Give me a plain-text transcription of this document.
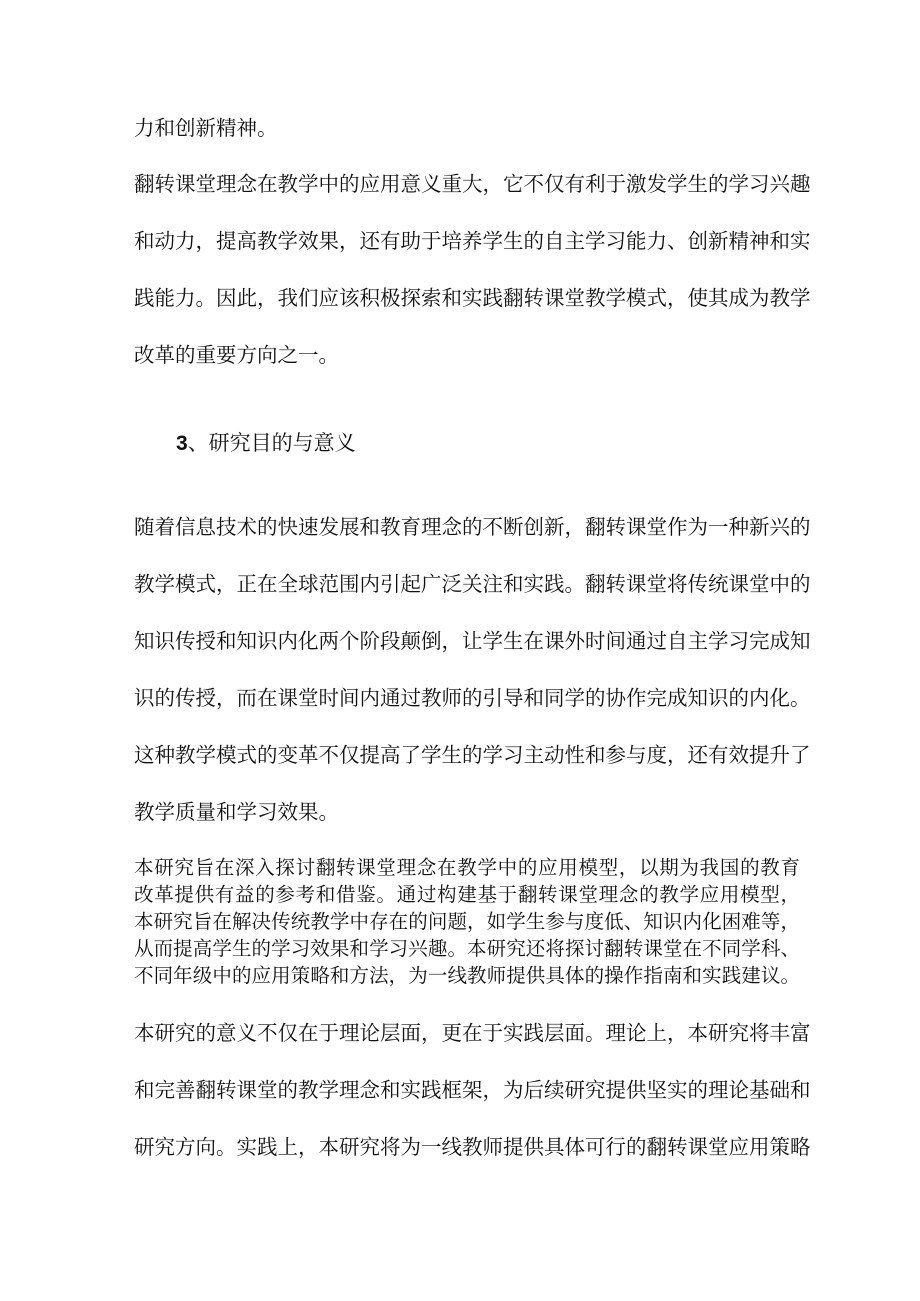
力和创新精神。
翻转课堂理念在教学中的应用意义重大，它不仅有利于激发学生的学习兴趣
和动力，提高教学效果，还有助于培养学生的自主学习能力、创新精神和实
践能力。因此，我们应该积极探索和实践翻转课堂教学模式，使其成为教学
改革的重要方向之一。
3、研究目的与意义
随着信息技术的快速发展和教育理念的不断创新，翻转课堂作为一种新兴的
教学模式，正在全球范围内引起广泛关注和实践。翻转课堂将传统课堂中的
知识传授和知识内化两个阶段颠倒，让学生在课外时间通过自主学习完成知
识的传授，而在课堂时间内通过教师的引导和同学的协作完成知识的内化。
这种教学模式的变革不仅提高了学生的学习主动性和参与度，还有效提升了
教学质量和学习效果。
本研究旨在深入探讨翻转课堂理念在教学中的应用模型，以期为我国的教育
改革提供有益的参考和借鉴。通过构建基于翻转课堂理念的教学应用模型，
本研究旨在解决传统教学中存在的问题，如学生参与度低、知识内化困难等，
从而提高学生的学习效果和学习兴趣。本研究还将探讨翻转课堂在不同学科、
不同年级中的应用策略和方法，为一线教师提供具体的操作指南和实践建议。
本研究的意义不仅在于理论层面，更在于实践层面。理论上，本研究将丰富
和完善翻转课堂的教学理念和实践框架，为后续研究提供坚实的理论基础和
研究方向。实践上，本研究将为一线教师提供具体可行的翻转课堂应用策略
